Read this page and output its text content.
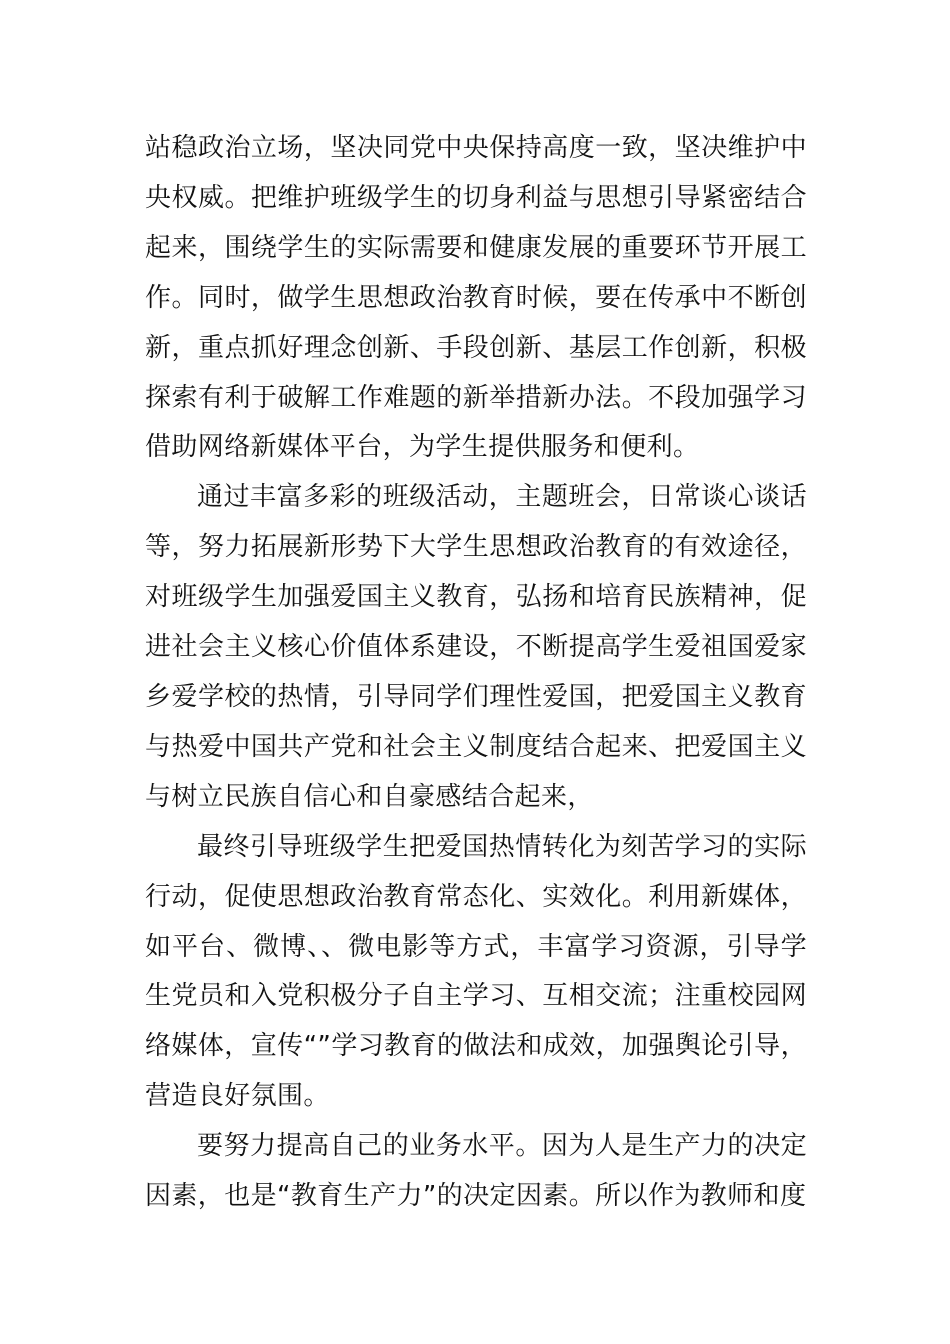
站稳政治立场，坚决同党中央保持高度一致，坚决维护中央权威。把维护班级学生的切身利益与思想引导紧密结合起来，围绕学生的实际需要和健康发展的重要环节开展工作。同时，做学生思想政治教育时候，要在传承中不断创新，重点抓好理念创新、手段创新、基层工作创新，积极探索有利于破解工作难题的新举措新办法。不段加强学习借助网络新媒体平台，为学生提供服务和便利。

通过丰富多彩的班级活动，主题班会，日常谈心谈话等，努力拓展新形势下大学生思想政治教育的有效途径，对班级学生加强爱国主义教育，弘扬和培育民族精神，促进社会主义核心价值体系建设，不断提高学生爱祖国爱家乡爱学校的热情，引导同学们理性爱国，把爱国主义教育与热爱中国共产党和社会主义制度结合起来、把爱国主义与树立民族自信心和自豪感结合起来，

最终引导班级学生把爱国热情转化为刻苦学习的实际行动，促使思想政治教育常态化、实效化。利用新媒体，如平台、微博、、微电影等方式，丰富学习资源，引导学生党员和入党积极分子自主学习、互相交流；注重校园网络媒体，宣传“”学习教育的做法和成效，加强舆论引导，营造良好氛围。

要努力提高自己的业务水平。因为人是生产力的决定因素，也是“教育生产力”的决定因素。所以作为教师和度
